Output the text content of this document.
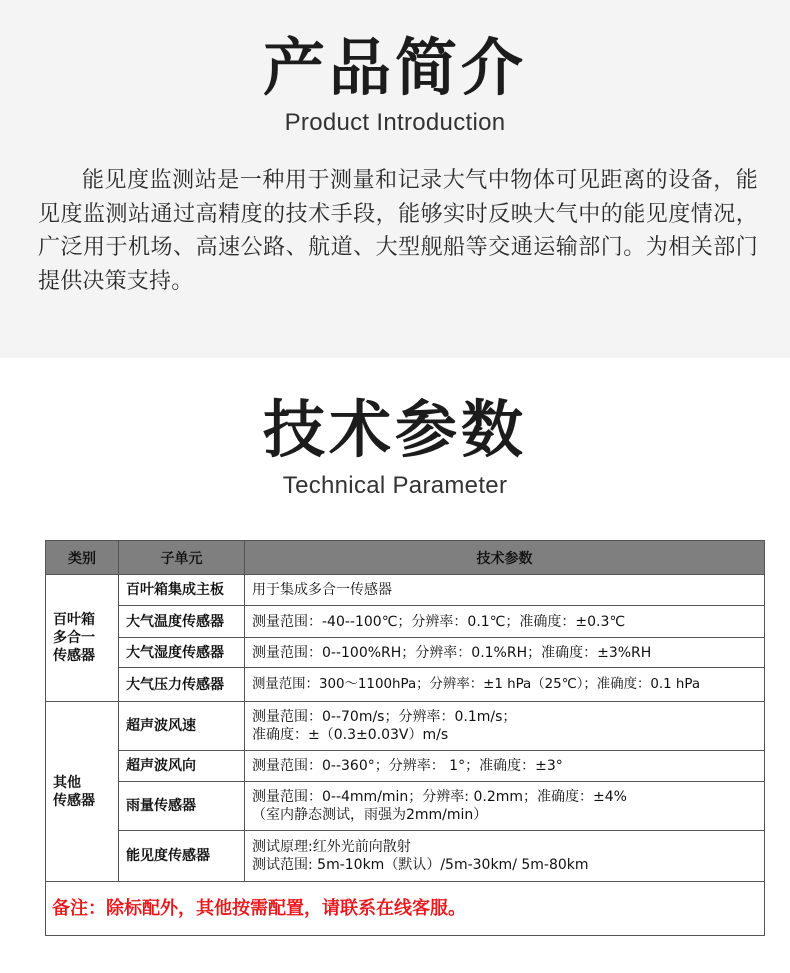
产品简介
Product Introduction

能见度监测站是一种用于测量和记录大气中物体可见距离的设备，能见度监测站通过高精度的技术手段，能够实时反映大气中的能见度情况，广泛用于机场、高速公路、航道、大型舰船等交通运输部门。为相关部门提供决策支持。

技术参数
Technical Parameter
类别	子单元	技术参数

百叶箱
多合一
传感器	百叶箱集成主板	用于集成多合一传感器

	大气温度传感器	测量范围：-40--100℃；分辨率：0.1℃；准确度：±0.3℃

	大气湿度传感器	测量范围：0--100%RH；分辨率：0.1%RH；准确度：±3%RH

	大气压力传感器	测量范围：300～1100hPa；分辨率：±1 hPa（25℃）；准确度：0.1 hPa

其他
传感器	超声波风速	测量范围：0--70m/s；分辨率：0.1m/s；
准确度：±（0.3±0.03V）m/s

	超声波风向	测量范围：0--360°；分辨率： 1°；准确度：±3°

	雨量传感器	测量范围：0--4mm/min；分辨率: 0.2mm；准确度：±4%
（室内静态测试，雨强为2mm/min）

	能见度传感器	测试原理:红外光前向散射
测试范围: 5m-10km（默认）/5m-30km/ 5m-80km

备注：除标配外，其他按需配置，请联系在线客服。		
